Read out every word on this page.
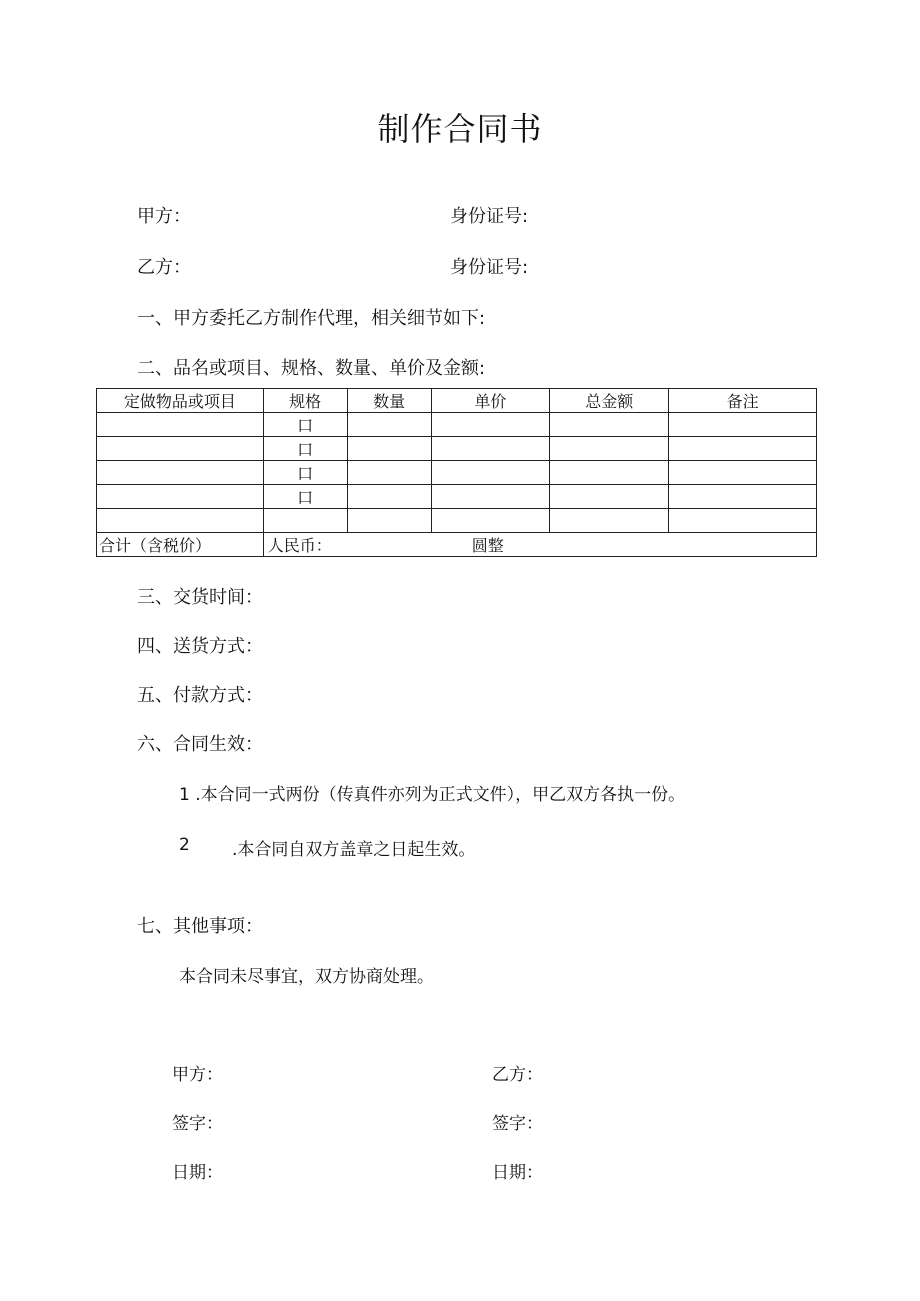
制作合同书
甲方：	身份证号:
乙方：	身份证号:
一、甲方委托乙方制作代理，相关细节如下:
二、品名或项目、规格、数量、单价及金额:
定做物品或项目	规格	数量	单价	总金额	备注
	口				
	口				
	口				
	口				

合计（含税价）	人民币： 圆整				
三、交货时间：
四、送货方式：
五、付款方式：
六、合同生效：
1 .本合同一式两份（传真件亦列为正式文件），甲乙双方各执一份。
2 .本合同自双方盖章之日起生效。
七、其他事项：
本合同未尽事宜，双方协商处理。
甲方：
签字：
日期：
乙方：
签字：
日期：
